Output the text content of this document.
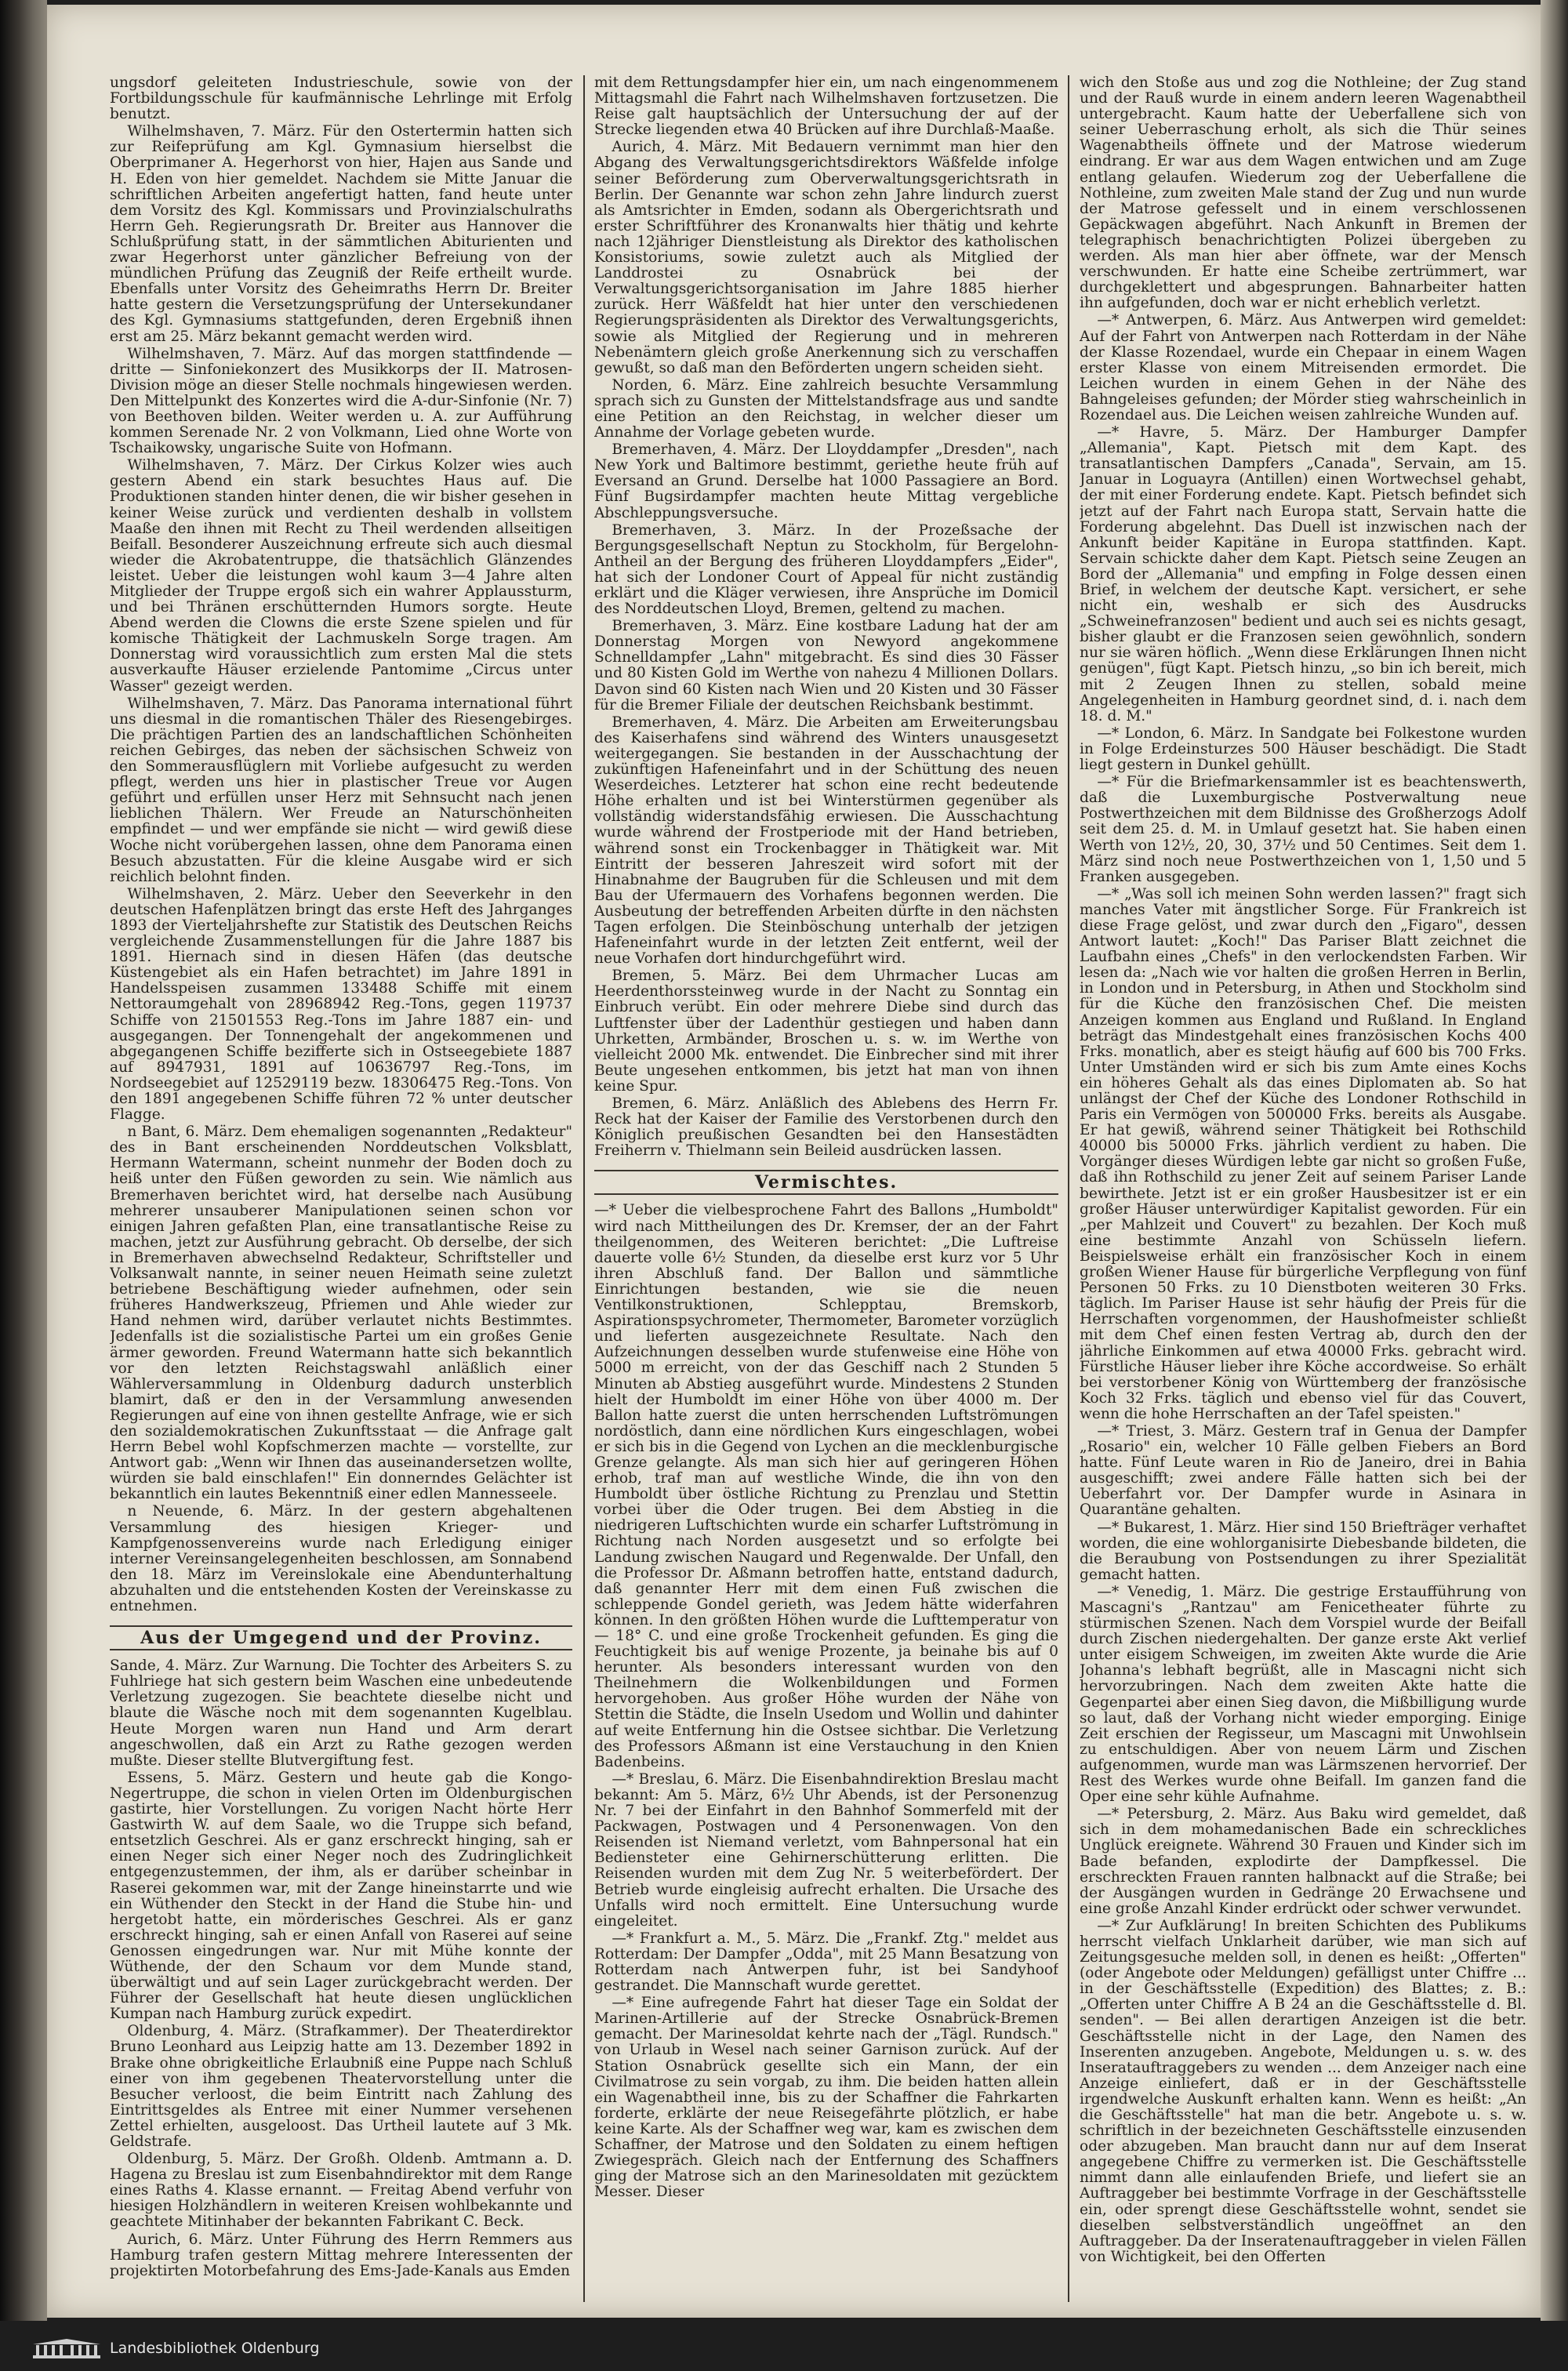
ungsdorf geleiteten Industrieschule, sowie von der Fortbildungsschule für kaufmännische Lehrlinge mit Erfolg benutzt.

Wilhelmshaven, 7. März. Für den Ostertermin hatten sich zur Reifeprüfung am Kgl. Gymnasium hierselbst die Oberprimaner A. Hegerhorst von hier, Hajen aus Sande und H. Eden von hier gemeldet. Nachdem sie Mitte Januar die schriftlichen Arbeiten angefertigt hatten, fand heute unter dem Vorsitz des Kgl. Kommissars und Provinzialschulraths Herrn Geh. Regierungsrath Dr. Breiter aus Hannover die Schlußprüfung statt, in der sämmtlichen Abiturienten und zwar Hegerhorst unter gänzlicher Befreiung von der mündlichen Prüfung das Zeugniß der Reife ertheilt wurde. Ebenfalls unter Vorsitz des Geheimraths Herrn Dr. Breiter hatte gestern die Versetzungsprüfung der Untersekundaner des Kgl. Gymnasiums stattgefunden, deren Ergebniß ihnen erst am 25. März bekannt gemacht werden wird.

Wilhelmshaven, 7. März. Auf das morgen stattfindende — dritte — Sinfoniekonzert des Musikkorps der II. Matrosen-Division möge an dieser Stelle nochmals hingewiesen werden. Den Mittelpunkt des Konzertes wird die A-dur-Sinfonie (Nr. 7) von Beethoven bilden. Weiter werden u. A. zur Aufführung kommen Serenade Nr. 2 von Volkmann, Lied ohne Worte von Tschaikowsky, ungarische Suite von Hofmann.

Wilhelmshaven, 7. März. Der Cirkus Kolzer wies auch gestern Abend ein stark besuchtes Haus auf. Die Produktionen standen hinter denen, die wir bisher gesehen in keiner Weise zurück und verdienten deshalb in vollstem Maaße den ihnen mit Recht zu Theil werdenden allseitigen Beifall. Besonderer Auszeichnung erfreute sich auch diesmal wieder die Akrobatentruppe, die thatsächlich Glänzendes leistet. Ueber die leistungen wohl kaum 3—4 Jahre alten Mitglieder der Truppe ergoß sich ein wahrer Applaussturm, und bei Thränen erschütternden Humors sorgte. Heute Abend werden die Clowns die erste Szene spielen und für komische Thätigkeit der Lachmuskeln Sorge tragen. Am Donnerstag wird voraussichtlich zum ersten Mal die stets ausverkaufte Häuser erzielende Pantomime „Circus unter Wasser" gezeigt werden.

Wilhelmshaven, 7. März. Das Panorama international führt uns diesmal in die romantischen Thäler des Riesengebirges. Die prächtigen Partien des an landschaftlichen Schönheiten reichen Gebirges, das neben der sächsischen Schweiz von den Sommerausflüglern mit Vorliebe aufgesucht zu werden pflegt, werden uns hier in plastischer Treue vor Augen geführt und erfüllen unser Herz mit Sehnsucht nach jenen lieblichen Thälern. Wer Freude an Naturschönheiten empfindet — und wer empfände sie nicht — wird gewiß diese Woche nicht vorübergehen lassen, ohne dem Panorama einen Besuch abzustatten. Für die kleine Ausgabe wird er sich reichlich belohnt finden.

Wilhelmshaven, 2. März. Ueber den Seeverkehr in den deutschen Hafenplätzen bringt das erste Heft des Jahrganges 1893 der Vierteljahrshefte zur Statistik des Deutschen Reichs vergleichende Zusammenstellungen für die Jahre 1887 bis 1891. Hiernach sind in diesen Häfen (das deutsche Küstengebiet als ein Hafen betrachtet) im Jahre 1891 in Handelsspeisen zusammen 133488 Schiffe mit einem Nettoraumgehalt von 28968942 Reg.-Tons, gegen 119737 Schiffe von 21501553 Reg.-Tons im Jahre 1887 ein- und ausgegangen. Der Tonnengehalt der angekommenen und abgegangenen Schiffe bezifferte sich in Ostseegebiete 1887 auf 8947931, 1891 auf 10636797 Reg.-Tons, im Nordseegebiet auf 12529119 bezw. 18306475 Reg.-Tons. Von den 1891 angegebenen Schiffe führen 72 % unter deutscher Flagge.

n Bant, 6. März. Dem ehemaligen sogenannten „Redakteur" des in Bant erscheinenden Norddeutschen Volksblatt, Hermann Watermann, scheint nunmehr der Boden doch zu heiß unter den Füßen geworden zu sein. Wie nämlich aus Bremerhaven berichtet wird, hat derselbe nach Ausübung mehrerer unsauberer Manipulationen seinen schon vor einigen Jahren gefaßten Plan, eine transatlantische Reise zu machen, jetzt zur Ausführung gebracht. Ob derselbe, der sich in Bremerhaven abwechselnd Redakteur, Schriftsteller und Volksanwalt nannte, in seiner neuen Heimath seine zuletzt betriebene Beschäftigung wieder aufnehmen, oder sein früheres Handwerkszeug, Pfriemen und Ahle wieder zur Hand nehmen wird, darüber verlautet nichts Bestimmtes. Jedenfalls ist die sozialistische Partei um ein großes Genie ärmer geworden. Freund Watermann hatte sich bekanntlich vor den letzten Reichstagswahl anläßlich einer Wählerversammlung in Oldenburg dadurch unsterblich blamirt, daß er den in der Versammlung anwesenden Regierungen auf eine von ihnen gestellte Anfrage, wie er sich den sozialdemokratischen Zukunftsstaat — die Anfrage galt Herrn Bebel wohl Kopfschmerzen machte — vorstellte, zur Antwort gab: „Wenn wir Ihnen das auseinandersetzen wollte, würden sie bald einschlafen!" Ein donnerndes Gelächter ist bekanntlich ein lautes Bekenntniß einer edlen Mannesseele.

n Neuende, 6. März. In der gestern abgehaltenen Versammlung des hiesigen Krieger- und Kampfgenossenvereins wurde nach Erledigung einiger interner Vereinsangelegenheiten beschlossen, am Sonnabend den 18. März im Vereinslokale eine Abendunterhaltung abzuhalten und die entstehenden Kosten der Vereinskasse zu entnehmen.

Aus der Umgegend und der Provinz.

Sande, 4. März. Zur Warnung. Die Tochter des Arbeiters S. zu Fuhlriege hat sich gestern beim Waschen eine unbedeutende Verletzung zugezogen. Sie beachtete dieselbe nicht und blaute die Wäsche noch mit dem sogenannten Kugelblau. Heute Morgen waren nun Hand und Arm derart angeschwollen, daß ein Arzt zu Rathe gezogen werden mußte. Dieser stellte Blutvergiftung fest.

Essens, 5. März. Gestern und heute gab die Kongo-Negertruppe, die schon in vielen Orten im Oldenburgischen gastirte, hier Vorstellungen. Zu vorigen Nacht hörte Herr Gastwirth W. auf dem Saale, wo die Truppe sich befand, entsetzlich Geschrei. Als er ganz erschreckt hinging, sah er einen Neger sich einer Neger noch des Zudringlichkeit entgegenzustemmen, der ihm, als er darüber scheinbar in Raserei gekommen war, mit der Zange hineinstarrte und wie ein Wüthender den Steckt in der Hand die Stube hin- und hergetobt hatte, ein mörderisches Geschrei. Als er ganz erschreckt hinging, sah er einen Anfall von Raserei auf seine Genossen eingedrungen war. Nur mit Mühe konnte der Wüthende, der den Schaum vor dem Munde stand, überwältigt und auf sein Lager zurückgebracht werden. Der Führer der Gesellschaft hat heute diesen unglücklichen Kumpan nach Hamburg zurück expedirt.

Oldenburg, 4. März. (Strafkammer). Der Theaterdirektor Bruno Leonhard aus Leipzig hatte am 13. Dezember 1892 in Brake ohne obrigkeitliche Erlaubniß eine Puppe nach Schluß einer von ihm gegebenen Theatervorstellung unter die Besucher verloost, die beim Eintritt nach Zahlung des Eintrittsgeldes als Entree mit einer Nummer versehenen Zettel erhielten, ausgeloost. Das Urtheil lautete auf 3 Mk. Geldstrafe.

Oldenburg, 5. März. Der Großh. Oldenb. Amtmann a. D. Hagena zu Breslau ist zum Eisenbahndirektor mit dem Range eines Raths 4. Klasse ernannt. — Freitag Abend verfuhr von hiesigen Holzhändlern in weiteren Kreisen wohlbekannte und geachtete Mitinhaber der bekannten Fabrikant C. Beck.

Aurich, 6. März. Unter Führung des Herrn Remmers aus Hamburg trafen gestern Mittag mehrere Interessenten der projektirten Motorbefahrung des Ems-Jade-Kanals aus Emden

mit dem Rettungsdampfer hier ein, um nach eingenommenem Mittagsmahl die Fahrt nach Wilhelmshaven fortzusetzen. Die Reise galt hauptsächlich der Untersuchung der auf der Strecke liegenden etwa 40 Brücken auf ihre Durchlaß-Maaße.

Aurich, 4. März. Mit Bedauern vernimmt man hier den Abgang des Verwaltungsgerichtsdirektors Wäßfelde infolge seiner Beförderung zum Oberverwaltungsgerichtsrath in Berlin. Der Genannte war schon zehn Jahre lindurch zuerst als Amtsrichter in Emden, sodann als Obergerichtsrath und erster Schriftführer des Kronanwalts hier thätig und kehrte nach 12jähriger Dienstleistung als Direktor des katholischen Konsistoriums, sowie zuletzt auch als Mitglied der Landdrostei zu Osnabrück bei der Verwaltungsgerichtsorganisation im Jahre 1885 hierher zurück. Herr Wäßfeldt hat hier unter den verschiedenen Regierungspräsidenten als Direktor des Verwaltungsgerichts, sowie als Mitglied der Regierung und in mehreren Nebenämtern gleich große Anerkennung sich zu verschaffen gewußt, so daß man den Beförderten ungern scheiden sieht.

Norden, 6. März. Eine zahlreich besuchte Versammlung sprach sich zu Gunsten der Mittelstandsfrage aus und sandte eine Petition an den Reichstag, in welcher dieser um Annahme der Vorlage gebeten wurde.

Bremerhaven, 4. März. Der Lloyddampfer „Dresden", nach New York und Baltimore bestimmt, geriethe heute früh auf Eversand an Grund. Derselbe hat 1000 Passagiere an Bord. Fünf Bugsirdampfer machten heute Mittag vergebliche Abschleppungsversuche.

Bremerhaven, 3. März. In der Prozeßsache der Bergungsgesellschaft Neptun zu Stockholm, für Bergelohn-Antheil an der Bergung des früheren Lloyddampfers „Eider", hat sich der Londoner Court of Appeal für nicht zuständig erklärt und die Kläger verwiesen, ihre Ansprüche im Domicil des Norddeutschen Lloyd, Bremen, geltend zu machen.

Bremerhaven, 3. März. Eine kostbare Ladung hat der am Donnerstag Morgen von Newyord angekommene Schnelldampfer „Lahn" mitgebracht. Es sind dies 30 Fässer und 80 Kisten Gold im Werthe von nahezu 4 Millionen Dollars. Davon sind 60 Kisten nach Wien und 20 Kisten und 30 Fässer für die Bremer Filiale der deutschen Reichsbank bestimmt.

Bremerhaven, 4. März. Die Arbeiten am Erweiterungsbau des Kaiserhafens sind während des Winters unausgesetzt weitergegangen. Sie bestanden in der Ausschachtung der zukünftigen Hafeneinfahrt und in der Schüttung des neuen Weserdeiches. Letzterer hat schon eine recht bedeutende Höhe erhalten und ist bei Winterstürmen gegenüber als vollständig widerstandsfähig erwiesen. Die Ausschachtung wurde während der Frostperiode mit der Hand betrieben, während sonst ein Trockenbagger in Thätigkeit war. Mit Eintritt der besseren Jahreszeit wird sofort mit der Hinabnahme der Baugruben für die Schleusen und mit dem Bau der Ufermauern des Vorhafens begonnen werden. Die Ausbeutung der betreffenden Arbeiten dürfte in den nächsten Tagen erfolgen. Die Steinböschung unterhalb der jetzigen Hafeneinfahrt wurde in der letzten Zeit entfernt, weil der neue Vorhafen dort hindurchgeführt wird.

Bremen, 5. März. Bei dem Uhrmacher Lucas am Heerdenthorssteinweg wurde in der Nacht zu Sonntag ein Einbruch verübt. Ein oder mehrere Diebe sind durch das Luftfenster über der Ladenthür gestiegen und haben dann Uhrketten, Armbänder, Broschen u. s. w. im Werthe von vielleicht 2000 Mk. entwendet. Die Einbrecher sind mit ihrer Beute ungesehen entkommen, bis jetzt hat man von ihnen keine Spur.

Bremen, 6. März. Anläßlich des Ablebens des Herrn Fr. Reck hat der Kaiser der Familie des Verstorbenen durch den Königlich preußischen Gesandten bei den Hansestädten Freiherrn v. Thielmann sein Beileid ausdrücken lassen.

Vermischtes.

—* Ueber die vielbesprochene Fahrt des Ballons „Humboldt" wird nach Mittheilungen des Dr. Kremser, der an der Fahrt theilgenommen, des Weiteren berichtet: „Die Luftreise dauerte volle 6½ Stunden, da dieselbe erst kurz vor 5 Uhr ihren Abschluß fand. Der Ballon und sämmtliche Einrichtungen bestanden, wie sie die neuen Ventilkonstruktionen, Schlepptau, Bremskorb, Aspirationspsychrometer, Thermometer, Barometer vorzüglich und lieferten ausgezeichnete Resultate. Nach den Aufzeichnungen desselben wurde stufenweise eine Höhe von 5000 m erreicht, von der das Geschiff nach 2 Stunden 5 Minuten ab Abstieg ausgeführt wurde. Mindestens 2 Stunden hielt der Humboldt im einer Höhe von über 4000 m. Der Ballon hatte zuerst die unten herrschenden Luftströmungen nordöstlich, dann eine nördlichen Kurs eingeschlagen, wobei er sich bis in die Gegend von Lychen an die mecklenburgische Grenze gelangte. Als man sich hier auf geringeren Höhen erhob, traf man auf westliche Winde, die ihn von den Humboldt über östliche Richtung zu Prenzlau und Stettin vorbei über die Oder trugen. Bei dem Abstieg in die niedrigeren Luftschichten wurde ein scharfer Luftströmung in Richtung nach Norden ausgesetzt und so erfolgte bei Landung zwischen Naugard und Regenwalde. Der Unfall, den die Professor Dr. Aßmann betroffen hatte, entstand dadurch, daß genannter Herr mit dem einen Fuß zwischen die schleppende Gondel gerieth, was Jedem hätte widerfahren können. In den größten Höhen wurde die Lufttemperatur von — 18° C. und eine große Trockenheit gefunden. Es ging die Feuchtigkeit bis auf wenige Prozente, ja beinahe bis auf 0 herunter. Als besonders interessant wurden von den Theilnehmern die Wolkenbildungen und Formen hervorgehoben. Aus großer Höhe wurden der Nähe von Stettin die Städte, die Inseln Usedom und Wollin und dahinter auf weite Entfernung hin die Ostsee sichtbar. Die Verletzung des Professors Aßmann ist eine Verstauchung in den Knien Badenbeins.

—* Breslau, 6. März. Die Eisenbahndirektion Breslau macht bekannt: Am 5. März, 6½ Uhr Abends, ist der Personenzug Nr. 7 bei der Einfahrt in den Bahnhof Sommerfeld mit der Packwagen, Postwagen und 4 Personenwagen. Von den Reisenden ist Niemand verletzt, vom Bahnpersonal hat ein Bediensteter eine Gehirnerschütterung erlitten. Die Reisenden wurden mit dem Zug Nr. 5 weiterbefördert. Der Betrieb wurde eingleisig aufrecht erhalten. Die Ursache des Unfalls wird noch ermittelt. Eine Untersuchung wurde eingeleitet.

—* Frankfurt a. M., 5. März. Die „Frankf. Ztg." meldet aus Rotterdam: Der Dampfer „Odda", mit 25 Mann Besatzung von Rotterdam nach Antwerpen fuhr, ist bei Sandyhoof gestrandet. Die Mannschaft wurde gerettet.

—* Eine aufregende Fahrt hat dieser Tage ein Soldat der Marinen-Artillerie auf der Strecke Osnabrück-Bremen gemacht. Der Marinesoldat kehrte nach der „Tägl. Rundsch." von Urlaub in Wesel nach seiner Garnison zurück. Auf der Station Osnabrück gesellte sich ein Mann, der ein Civilmatrose zu sein vorgab, zu ihm. Die beiden hatten allein ein Wagenabtheil inne, bis zu der Schaffner die Fahrkarten forderte, erklärte der neue Reisegefährte plötzlich, er habe keine Karte. Als der Schaffner weg war, kam es zwischen dem Schaffner, der Matrose und den Soldaten zu einem heftigen Zwiegespräch. Gleich nach der Entfernung des Schaffners ging der Matrose sich an den Marinesoldaten mit gezücktem Messer. Dieser

wich den Stoße aus und zog die Nothleine; der Zug stand und der Rauß wurde in einem andern leeren Wagenabtheil untergebracht. Kaum hatte der Ueberfallene sich von seiner Ueberraschung erholt, als sich die Thür seines Wagenabtheils öffnete und der Matrose wiederum eindrang. Er war aus dem Wagen entwichen und am Zuge entlang gelaufen. Wiederum zog der Ueberfallene die Nothleine, zum zweiten Male stand der Zug und nun wurde der Matrose gefesselt und in einem verschlossenen Gepäckwagen abgeführt. Nach Ankunft in Bremen der telegraphisch benachrichtigten Polizei übergeben zu werden. Als man hier aber öffnete, war der Mensch verschwunden. Er hatte eine Scheibe zertrümmert, war durchgeklettert und abgesprungen. Bahnarbeiter hatten ihn aufgefunden, doch war er nicht erheblich verletzt.

—* Antwerpen, 6. März. Aus Antwerpen wird gemeldet: Auf der Fahrt von Antwerpen nach Rotterdam in der Nähe der Klasse Rozendael, wurde ein Chepaar in einem Wagen erster Klasse von einem Mitreisenden ermordet. Die Leichen wurden in einem Gehen in der Nähe des Bahngeleises gefunden; der Mörder stieg wahrscheinlich in Rozendael aus. Die Leichen weisen zahlreiche Wunden auf.

—* Havre, 5. März. Der Hamburger Dampfer „Allemania", Kapt. Pietsch mit dem Kapt. des transatlantischen Dampfers „Canada", Servain, am 15. Januar in Loguayra (Antillen) einen Wortwechsel gehabt, der mit einer Forderung endete. Kapt. Pietsch befindet sich jetzt auf der Fahrt nach Europa statt, Servain hatte die Forderung abgelehnt. Das Duell ist inzwischen nach der Ankunft beider Kapitäne in Europa stattfinden. Kapt. Servain schickte daher dem Kapt. Pietsch seine Zeugen an Bord der „Allemania" und empfing in Folge dessen einen Brief, in welchem der deutsche Kapt. versichert, er sehe nicht ein, weshalb er sich des Ausdrucks „Schweinefranzosen" bedient und auch sei es nichts gesagt, bisher glaubt er die Franzosen seien gewöhnlich, sondern nur sie wären höflich. „Wenn diese Erklärungen Ihnen nicht genügen", fügt Kapt. Pietsch hinzu, „so bin ich bereit, mich mit 2 Zeugen Ihnen zu stellen, sobald meine Angelegenheiten in Hamburg geordnet sind, d. i. nach dem 18. d. M."

—* London, 6. März. In Sandgate bei Folkestone wurden in Folge Erdeinsturzes 500 Häuser beschädigt. Die Stadt liegt gestern in Dunkel gehüllt.

—* Für die Briefmarkensammler ist es beachtenswerth, daß die Luxemburgische Postverwaltung neue Postwerthzeichen mit dem Bildnisse des Großherzogs Adolf seit dem 25. d. M. in Umlauf gesetzt hat. Sie haben einen Werth von 12½, 20, 30, 37½ und 50 Centimes. Seit dem 1. März sind noch neue Postwerthzeichen von 1, 1,50 und 5 Franken ausgegeben.

—* „Was soll ich meinen Sohn werden lassen?" fragt sich manches Vater mit ängstlicher Sorge. Für Frankreich ist diese Frage gelöst, und zwar durch den „Figaro", dessen Antwort lautet: „Koch!" Das Pariser Blatt zeichnet die Laufbahn eines „Chefs" in den verlockendsten Farben. Wir lesen da: „Nach wie vor halten die großen Herren in Berlin, in London und in Petersburg, in Athen und Stockholm sind für die Küche den französischen Chef. Die meisten Anzeigen kommen aus England und Rußland. In England beträgt das Mindestgehalt eines französischen Kochs 400 Frks. monatlich, aber es steigt häufig auf 600 bis 700 Frks. Unter Umständen wird er sich bis zum Amte eines Kochs ein höheres Gehalt als das eines Diplomaten ab. So hat unlängst der Chef der Küche des Londoner Rothschild in Paris ein Vermögen von 500000 Frks. bereits als Ausgabe. Er hat gewiß, während seiner Thätigkeit bei Rothschild 40000 bis 50000 Frks. jährlich verdient zu haben. Die Vorgänger dieses Würdigen lebte gar nicht so großen Fuße, daß ihn Rothschild zu jener Zeit auf seinem Pariser Lande bewirthete. Jetzt ist er ein großer Hausbesitzer ist er ein großer Häuser unterwürdiger Kapitalist geworden. Für ein „per Mahlzeit und Couvert" zu bezahlen. Der Koch muß eine bestimmte Anzahl von Schüsseln liefern. Beispielsweise erhält ein französischer Koch in einem großen Wiener Hause für bürgerliche Verpflegung von fünf Personen 50 Frks. zu 10 Dienstboten weiteren 30 Frks. täglich. Im Pariser Hause ist sehr häufig der Preis für die Herrschaften vorgenommen, der Haushofmeister schließt mit dem Chef einen festen Vertrag ab, durch den der jährliche Einkommen auf etwa 40000 Frks. gebracht wird. Fürstliche Häuser lieber ihre Köche accordweise. So erhält bei verstorbener König von Württemberg der französische Koch 32 Frks. täglich und ebenso viel für das Couvert, wenn die hohe Herrschaften an der Tafel speisten."

—* Triest, 3. März. Gestern traf in Genua der Dampfer „Rosario" ein, welcher 10 Fälle gelben Fiebers an Bord hatte. Fünf Leute waren in Rio de Janeiro, drei in Bahia ausgeschifft; zwei andere Fälle hatten sich bei der Ueberfahrt vor. Der Dampfer wurde in Asinara in Quarantäne gehalten.

—* Bukarest, 1. März. Hier sind 150 Briefträger verhaftet worden, die eine wohlorganisirte Diebesbande bildeten, die die Beraubung von Postsendungen zu ihrer Spezialität gemacht hatten.

—* Venedig, 1. März. Die gestrige Erstaufführung von Mascagni's „Rantzau" am Fenicetheater führte zu stürmischen Szenen. Nach dem Vorspiel wurde der Beifall durch Zischen niedergehalten. Der ganze erste Akt verlief unter eisigem Schweigen, im zweiten Akte wurde die Arie Johanna's lebhaft begrüßt, alle in Mascagni nicht sich hervorzubringen. Nach dem zweiten Akte hatte die Gegenpartei aber einen Sieg davon, die Mißbilligung wurde so laut, daß der Vorhang nicht wieder emporging. Einige Zeit erschien der Regisseur, um Mascagni mit Unwohlsein zu entschuldigen. Aber von neuem Lärm und Zischen aufgenommen, wurde man was Lärmszenen hervorrief. Der Rest des Werkes wurde ohne Beifall. Im ganzen fand die Oper eine sehr kühle Aufnahme.

—* Petersburg, 2. März. Aus Baku wird gemeldet, daß sich in dem mohamedanischen Bade ein schreckliches Unglück ereignete. Während 30 Frauen und Kinder sich im Bade befanden, explodirte der Dampfkessel. Die erschreckten Frauen rannten halbnackt auf die Straße; bei der Ausgängen wurden in Gedränge 20 Erwachsene und eine große Anzahl Kinder erdrückt oder schwer verwundet.

—* Zur Aufklärung! In breiten Schichten des Publikums herrscht vielfach Unklarheit darüber, wie man sich auf Zeitungsgesuche melden soll, in denen es heißt: „Offerten" (oder Angebote oder Meldungen) gefälligst unter Chiffre ... in der Geschäftsstelle (Expedition) des Blattes; z. B.: „Offerten unter Chiffre A B 24 an die Geschäftsstelle d. Bl. senden". — Bei allen derartigen Anzeigen ist die betr. Geschäftsstelle nicht in der Lage, den Namen des Inserenten anzugeben. Angebote, Meldungen u. s. w. des Inseratauftraggebers zu wenden ... dem Anzeiger nach eine Anzeige einliefert, daß er in der Geschäftsstelle irgendwelche Auskunft erhalten kann. Wenn es heißt: „An die Geschäftsstelle" hat man die betr. Angebote u. s. w. schriftlich in der bezeichneten Geschäftsstelle einzusenden oder abzugeben. Man braucht dann nur auf dem Inserat angegebene Chiffre zu vermerken ist. Die Geschäftsstelle nimmt dann alle einlaufenden Briefe, und liefert sie an Auftraggeber bei bestimmte Vorfrage in der Geschäftsstelle ein, oder sprengt diese Geschäftsstelle wohnt, sendet sie dieselben selbstverständlich ungeöffnet an den Auftraggeber. Da der Inseratenauftraggeber in vielen Fällen von Wichtigkeit, bei den Offerten

Landesbibliothek Oldenburg
